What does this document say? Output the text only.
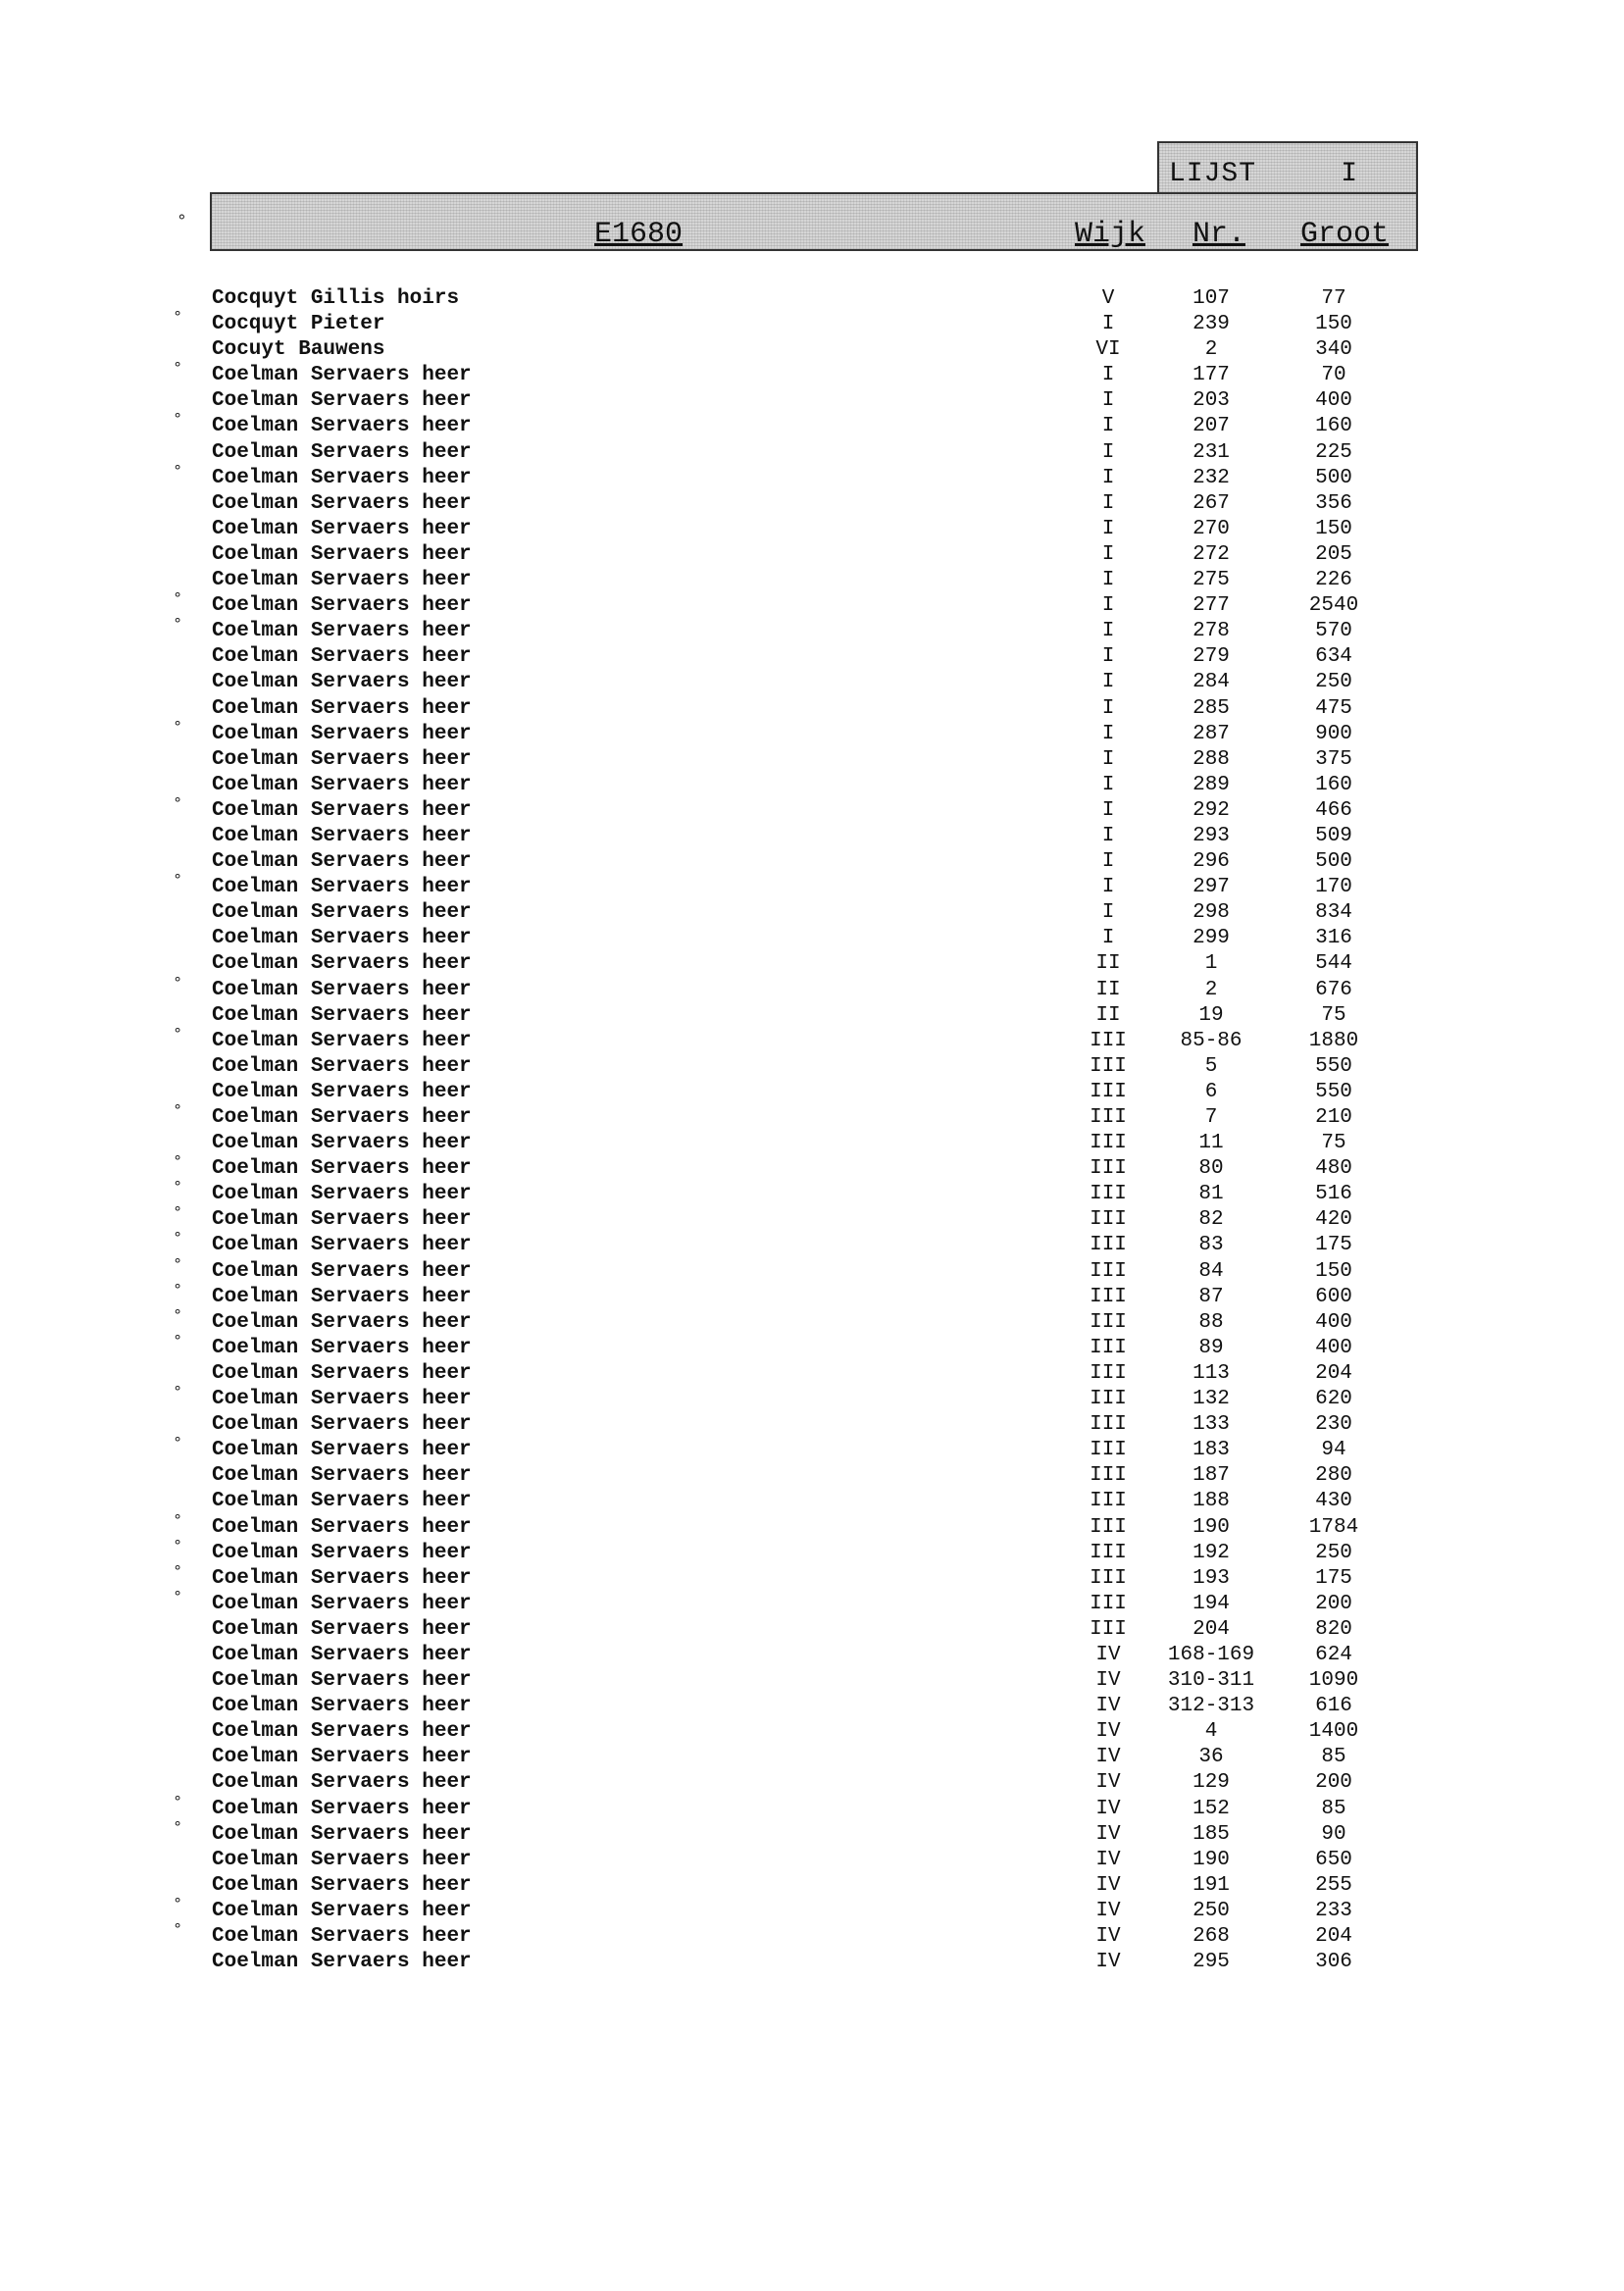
LIJST	I
°	E1680	Wijk Nr. Groot
Cocquyt Gillis hoirs	V	107	77
° Cocquyt Pieter	I	239	150
Cocuyt Bauwens	VI	2	340
° Coelman Servaers heer	I	177	70
Coelman Servaers heer	I	203	400
° Coelman Servaers heer	I	207	160
Coelman Servaers heer	I	231	225
° Coelman Servaers heer	I	232	500
Coelman Servaers heer	I	267	356
Coelman Servaers heer	I	270	150
Coelman Servaers heer	I	272	205
Coelman Servaers heer	I	275	226
° Coelman Servaers heer	I	277	2540
° Coelman Servaers heer	I	278	570
Coelman Servaers heer	I	279	634
Coelman Servaers heer	I	284	250
Coelman Servaers heer	I	285	475
° Coelman Servaers heer	I	287	900
Coelman Servaers heer	I	288	375
Coelman Servaers heer	I	289	160
° Coelman Servaers heer	I	292	466
Coelman Servaers heer	I	293	509
Coelman Servaers heer	I	296	500
° Coelman Servaers heer	I	297	170
Coelman Servaers heer	I	298	834
Coelman Servaers heer	I	299	316
Coelman Servaers heer	II	1	544
° Coelman Servaers heer	II	2	676
Coelman Servaers heer	II	19	75
° Coelman Servaers heer	III	85-86	1880
Coelman Servaers heer	III	5	550
Coelman Servaers heer	III	6	550
° Coelman Servaers heer	III	7	210
Coelman Servaers heer	III	11	75
° Coelman Servaers heer	III	80	480
° Coelman Servaers heer	III	81	516
° Coelman Servaers heer	III	82	420
° Coelman Servaers heer	III	83	175
° Coelman Servaers heer	III	84	150
° Coelman Servaers heer	III	87	600
° Coelman Servaers heer	III	88	400
° Coelman Servaers heer	III	89	400
Coelman Servaers heer	III	113	204
° Coelman Servaers heer	III	132	620
Coelman Servaers heer	III	133	230
° Coelman Servaers heer	III	183	94
Coelman Servaers heer	III	187	280
Coelman Servaers heer	III	188	430
° Coelman Servaers heer	III	190	1784
° Coelman Servaers heer	III	192	250
° Coelman Servaers heer	III	193	175
° Coelman Servaers heer	III	194	200
Coelman Servaers heer	III	204	820
Coelman Servaers heer	IV	168-169	624
Coelman Servaers heer	IV	310-311	1090
Coelman Servaers heer	IV	312-313	616
Coelman Servaers heer	IV	4	1400
Coelman Servaers heer	IV	36	85
Coelman Servaers heer	IV	129	200
° Coelman Servaers heer	IV	152	85
° Coelman Servaers heer	IV	185	90
Coelman Servaers heer	IV	190	650
Coelman Servaers heer	IV	191	255
° Coelman Servaers heer	IV	250	233
° Coelman Servaers heer	IV	268	204
Coelman Servaers heer	IV	295	306
